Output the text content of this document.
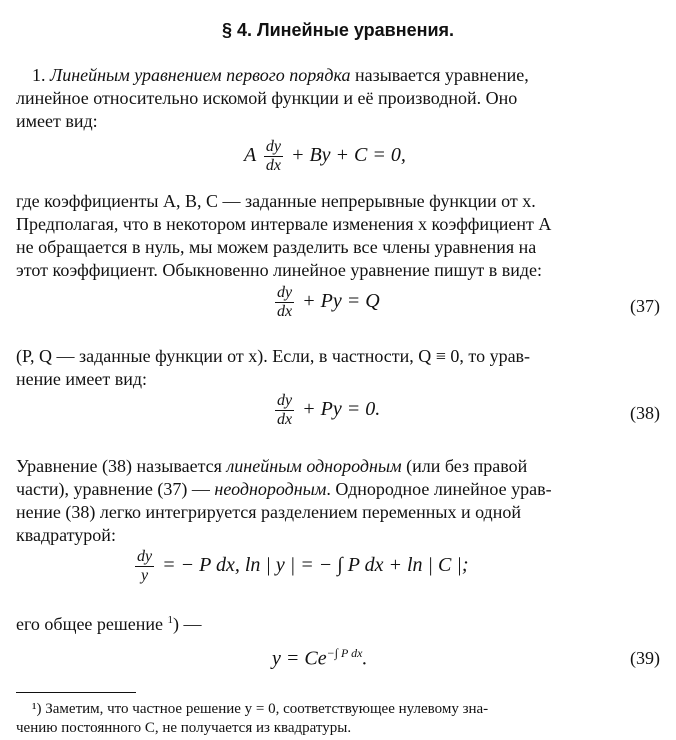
§ 4. Линейные уравнения.
1. Линейным уравнением первого порядка называется уравнение,
линейное относительно искомой функции и её производной. Оно
имеет вид:
A $\frac{dy}{dx} + By + C = 0$,
где коэффициенты A, B, C — заданные непрерывные функции от x.
Предполагая, что в некотором интервале изменения x коэффициент A
не обращается в нуль, мы можем разделить все члены уравнения на
этот коэффициент. Обыкновенно линейное уравнение пишут в виде:
$\frac{dy}{dx} + Py = Q$	(37)
(P, Q — заданные функции от x). Если, в частности, Q ≡ 0, то урав-
нение имеет вид:
$\frac{dy}{dx} + Py = 0$.	(38)
Уравнение (38) называется линейным однородным (или без правой
части), уравнение (37) — неоднородным. Однородное линейное урав-
нение (38) легко интегрируется разделением переменных и одной
квадратурой:
$\frac{dy}{y}$ = − P dx, ln | y | = − ∫ P dx + ln | C |;
его общее решение $^1$) —
$y = Ce^{-\int P dx}$.	(39)
¹) Заметим, что частное решение y = 0, соответствующее нулевому зна-
чению постоянного C, не получается из квадратуры.
